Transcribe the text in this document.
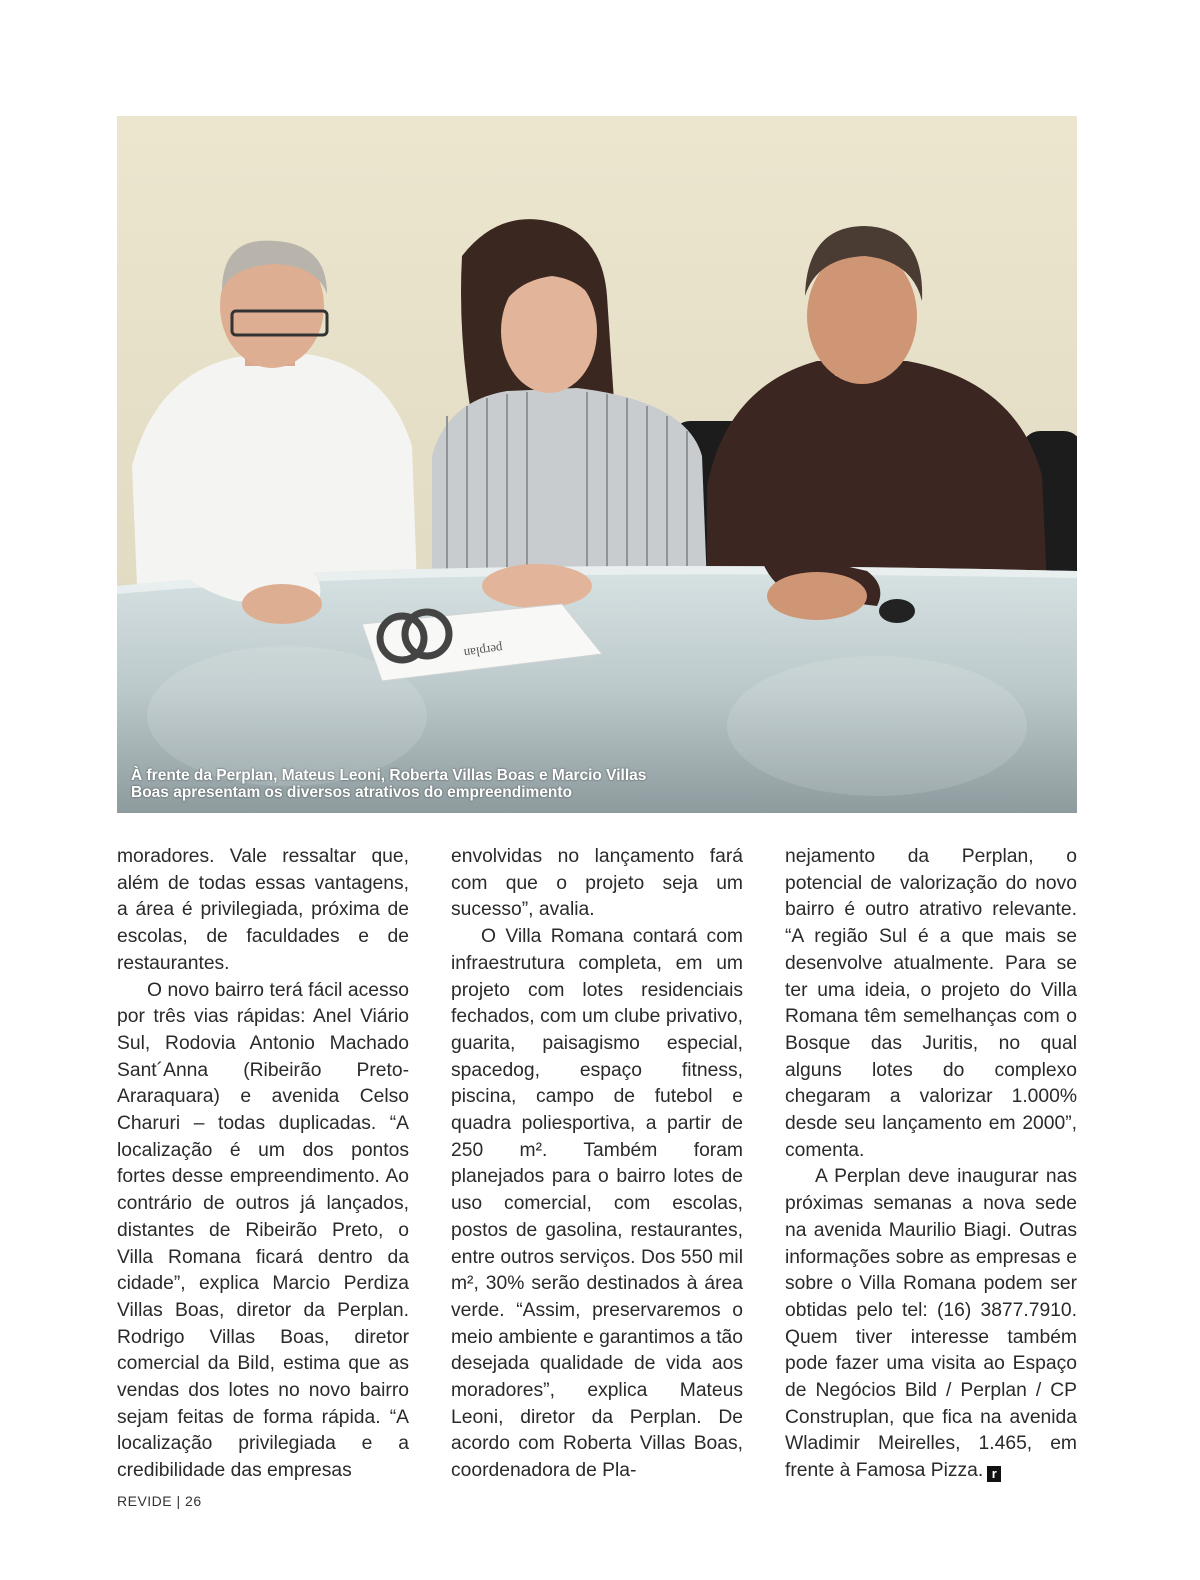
perplan
À frente da Perplan, Mateus Leoni, Roberta Villas Boas e Marcio Villas
Boas apresentam os diversos atrativos do empreendimento

moradores. Vale ressaltar que, além de todas essas vantagens, a área é privilegiada, próxima de escolas, de faculdades e de restaurantes.

O novo bairro terá fácil acesso por três vias rápidas: Anel Viário Sul, Rodovia Antonio Machado Sant´Anna (Ribeirão Preto-Araraquara) e avenida Celso Charuri – todas duplicadas. “A localização é um dos pontos fortes desse empreendimento. Ao contrário de outros já lançados, distantes de Ribeirão Preto, o Villa Romana ficará dentro da cidade”, explica Marcio Perdiza Villas Boas, diretor da Perplan. Rodrigo Villas Boas, diretor comercial da Bild, estima que as vendas dos lotes no novo bairro sejam feitas de forma rápida. “A localização privilegiada e a credibilidade das empresas

envolvidas no lançamento fará com que o projeto seja um sucesso”, avalia.

O Villa Romana contará com infraestrutura completa, em um projeto com lotes residenciais fechados, com um clube privativo, guarita, paisagismo especial, spacedog, espaço fitness, piscina, campo de futebol e quadra poliesportiva, a partir de 250 m². Também foram planejados para o bairro lotes de uso comercial, com escolas, postos de gasolina, restaurantes, entre outros serviços. Dos 550 mil m², 30% serão destinados à área verde. “Assim, preservaremos o meio ambiente e garantimos a tão desejada qualidade de vida aos moradores”, explica Mateus Leoni, diretor da Perplan. De acordo com Roberta Villas Boas, coordenadora de Pla-

nejamento da Perplan, o potencial de valorização do novo bairro é outro atrativo relevante. “A região Sul é a que mais se desenvolve atualmente. Para se ter uma ideia, o projeto do Villa Romana têm semelhanças com o Bosque das Juritis, no qual alguns lotes do complexo chegaram a valorizar 1.000% desde seu lançamento em 2000”, comenta.

A Perplan deve inaugurar nas próximas semanas a nova sede na avenida Maurilio Biagi. Outras informações sobre as empresas e sobre o Villa Romana podem ser obtidas pelo tel: (16) 3877.7910. Quem tiver interesse também pode fazer uma visita ao Espaço de Negócios Bild / Perplan / CP Construplan, que fica na avenida Wladimir Meirelles, 1.465, em frente à Famosa Pizza. r

REVIDE | 26
